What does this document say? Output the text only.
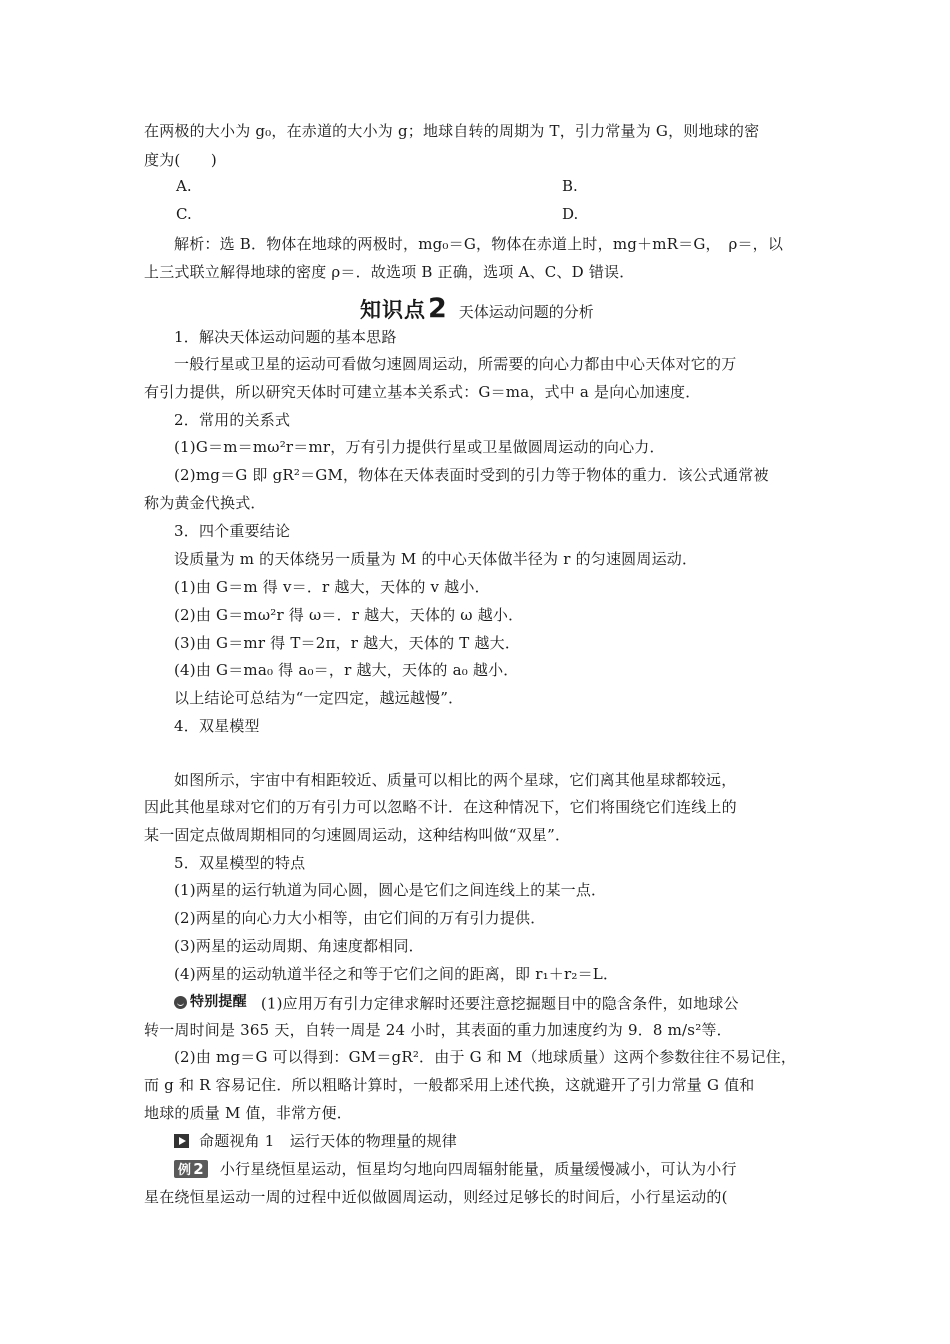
在两极的大小为 g₀，在赤道的大小为 g；地球自转的周期为 T，引力常量为 G，则地球的密
度为(　　)
A.	B.
C.	D.
解析：选 B．物体在地球的两极时，mg₀＝G，物体在赤道上时，mg＋mR＝G，　ρ＝，以
上三式联立解得地球的密度 ρ＝．故选项 B 正确，选项 A、C、D 错误．
知识点 2 天体运动问题的分析
1．解决天体运动问题的基本思路
一般行星或卫星的运动可看做匀速圆周运动，所需要的向心力都由中心天体对它的万
有引力提供，所以研究天体时可建立基本关系式：G＝ma，式中 a 是向心加速度．
2．常用的关系式
(1)G＝m＝mω²r＝mr，万有引力提供行星或卫星做圆周运动的向心力．
(2)mg＝G 即 gR²＝GM，物体在天体表面时受到的引力等于物体的重力．该公式通常被
称为黄金代换式．
3．四个重要结论
设质量为 m 的天体绕另一质量为 M 的中心天体做半径为 r 的匀速圆周运动．
(1)由 G＝m 得 v＝．r 越大，天体的 v 越小．
(2)由 G＝mω²r 得 ω＝．r 越大，天体的 ω 越小．
(3)由 G＝mr 得 T＝2π，r 越大，天体的 T 越大．
(4)由 G＝ma₀ 得 a₀＝，r 越大，天体的 a₀ 越小．
以上结论可总结为“一定四定，越远越慢”．
4．双星模型
如图所示，宇宙中有相距较近、质量可以相比的两个星球，它们离其他星球都较远，
因此其他星球对它们的万有引力可以忽略不计．在这种情况下，它们将围绕它们连线上的
某一固定点做周期相同的匀速圆周运动，这种结构叫做“双星”．
5．双星模型的特点
(1)两星的运行轨道为同心圆，圆心是它们之间连线上的某一点．
(2)两星的向心力大小相等，由它们间的万有引力提供．
(3)两星的运动周期、角速度都相同．
(4)两星的运动轨道半径之和等于它们之间的距离，即 r₁＋r₂＝L．
特别提醒 (1)应用万有引力定律求解时还要注意挖掘题目中的隐含条件，如地球公
转一周时间是 365 天，自转一周是 24 小时，其表面的重力加速度约为 9．8 m/s²等．
(2)由 mg＝G 可以得到：GM＝gR²．由于 G 和 M（地球质量）这两个参数往往不易记住，
而 g 和 R 容易记住．所以粗略计算时，一般都采用上述代换，这就避开了引力常量 G 值和
地球的质量 M 值，非常方便．
命题视角 1　运行天体的物理量的规律
例 2 小行星绕恒星运动，恒星均匀地向四周辐射能量，质量缓慢减小，可认为小行
星在绕恒星运动一周的过程中近似做圆周运动，则经过足够长的时间后，小行星运动的(
